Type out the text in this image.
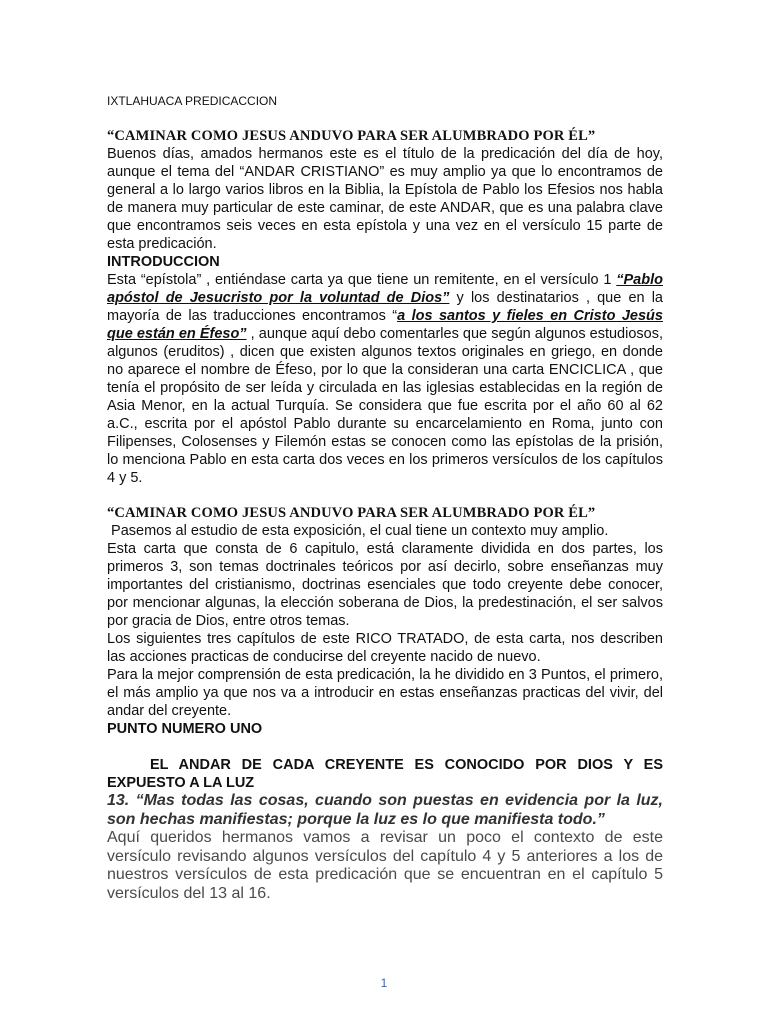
IXTLAHUACA PREDICACCION

“CAMINAR COMO JESUS ANDUVO PARA SER ALUMBRADO POR ÉL”

Buenos días, amados hermanos este es el título de la predicación del día de hoy, aunque el tema del “ANDAR CRISTIANO” es muy amplio ya que lo encontramos de general a lo largo varios libros en la Biblia, la Epístola de Pablo los Efesios nos habla de manera muy particular de este caminar, de este ANDAR, que es una palabra clave que encontramos seis veces en esta epístola y una vez en el versículo 15 parte de esta predicación.

INTRODUCCION

Esta “epístola” , entiéndase carta ya que tiene un remitente, en el versículo 1 “Pablo apóstol de Jesucristo por la voluntad de Dios” y los destinatarios , que en la mayoría de las traducciones encontramos “a los santos y fieles en Cristo Jesús que están en Éfeso” , aunque aquí debo comentarles que según algunos estudiosos, algunos (eruditos) , dicen que existen algunos textos originales en griego, en donde no aparece el nombre de Éfeso, por lo que la consideran una carta ENCICLICA , que tenía el propósito de ser leída y circulada en las iglesias establecidas en la región de Asia Menor, en la actual Turquía. Se considera que fue escrita por el año 60 al 62 a.C., escrita por el apóstol Pablo durante su encarcelamiento en Roma, junto con Filipenses, Colosenses y Filemón estas se conocen como las epístolas de la prisión, lo menciona Pablo en esta carta dos veces en los primeros versículos de los capítulos 4 y 5.

“CAMINAR COMO JESUS ANDUVO PARA SER ALUMBRADO POR ÉL”

Pasemos al estudio de esta exposición, el cual tiene un contexto muy amplio.

Esta carta que consta de 6 capitulo, está claramente dividida en dos partes, los primeros 3, son temas doctrinales teóricos por así decirlo, sobre enseñanzas muy importantes del cristianismo, doctrinas esenciales que todo creyente debe conocer, por mencionar algunas, la elección soberana de Dios, la predestinación, el ser salvos por gracia de Dios, entre otros temas.

Los siguientes tres capítulos de este RICO TRATADO, de esta carta, nos describen las acciones practicas de conducirse del creyente nacido de nuevo.

Para la mejor comprensión de esta predicación, la he dividido en 3 Puntos, el primero, el más amplio ya que nos va a introducir en estas enseñanzas practicas del vivir, del andar del creyente.

PUNTO NUMERO UNO

EL ANDAR DE CADA CREYENTE ES CONOCIDO POR DIOS Y ES EXPUESTO A LA LUZ

13. “Mas todas las cosas, cuando son puestas en evidencia por la luz, son hechas manifiestas; porque la luz es lo que manifiesta todo.”

Aquí queridos hermanos vamos a revisar un poco el contexto de este versículo revisando algunos versículos del capítulo 4 y 5 anteriores a los de nuestros versículos de esta predicación que se encuentran en el capítulo 5 versículos del 13 al 16.

1
